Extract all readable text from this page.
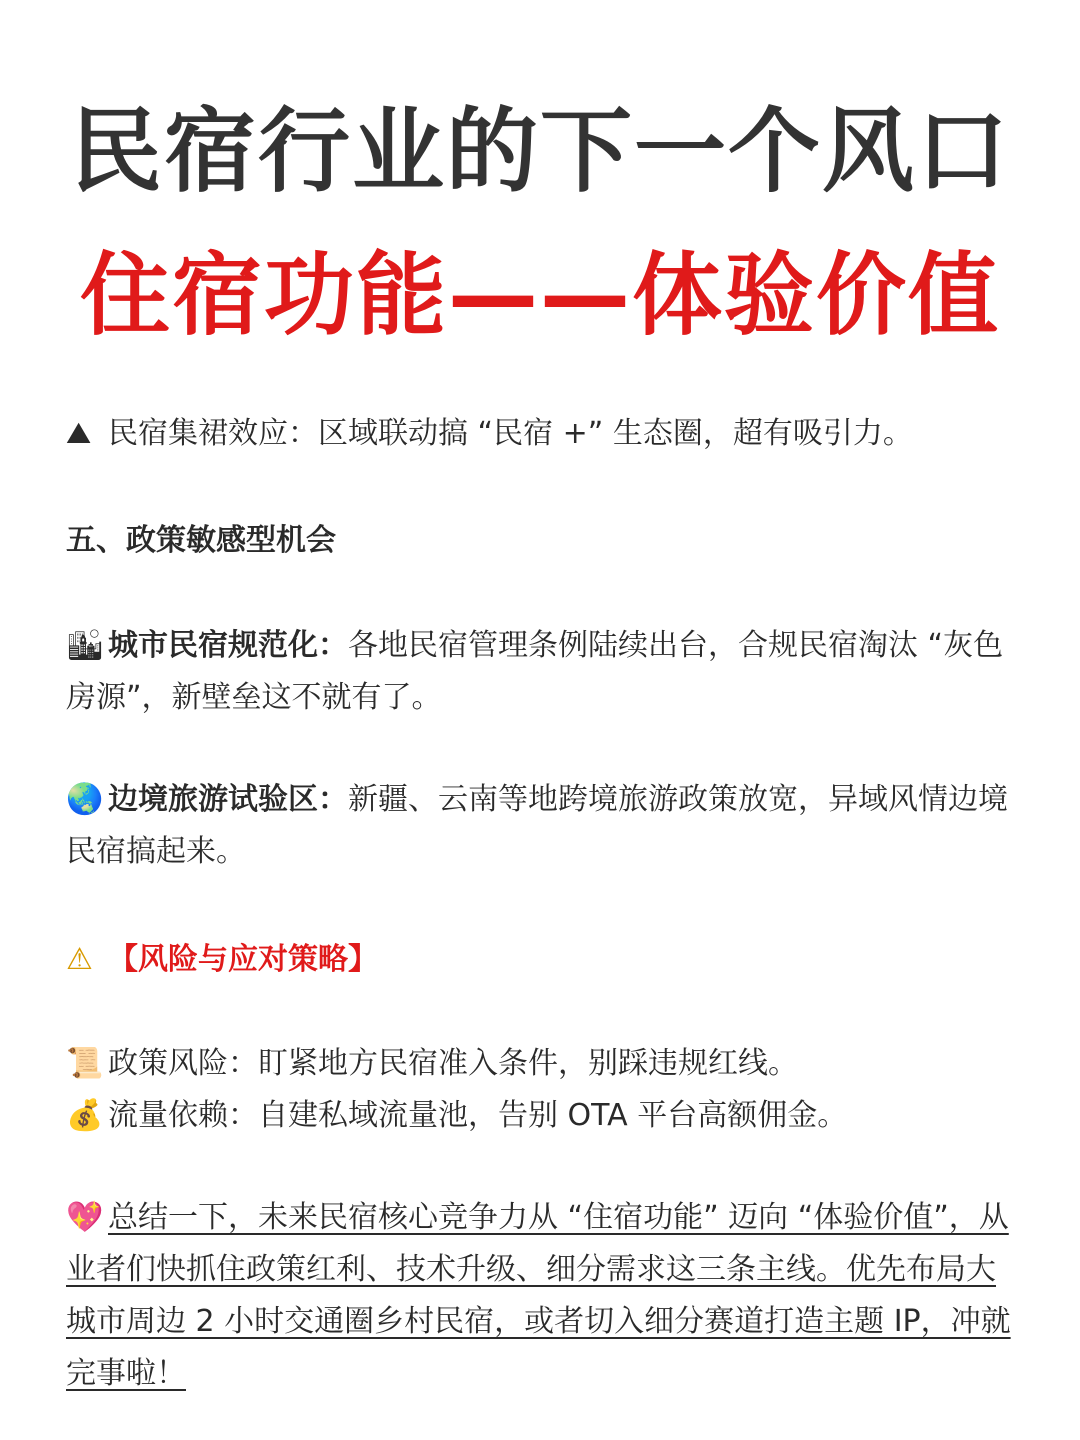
民宿行业的下一个风口
住宿功能——体验价值

⛰ 民宿集裙效应：区域联动搞 “民宿 +” 生态圈，超有吸引力。

五、政策敏感型机会

🏙 城市民宿规范化：各地民宿管理条例陆续出台，合规民宿淘汰 “灰色房源”，新壁垒这不就有了。

🌏 边境旅游试验区：新疆、云南等地跨境旅游政策放宽，异域风情边境民宿搞起来。

⚠ 【风险与应对策略】

📜 政策风险：盯紧地方民宿准入条件，别踩违规红线。

💰 流量依赖：自建私域流量池，告别 OTA 平台高额佣金。

💖 总结一下，未来民宿核心竞争力从 “住宿功能” 迈向 “体验价值”，从业者们快抓住政策红利、技术升级、细分需求这三条主线。优先布局大城市周边 2 小时交通圈乡村民宿，或者切入细分赛道打造主题 IP，冲就完事啦！
